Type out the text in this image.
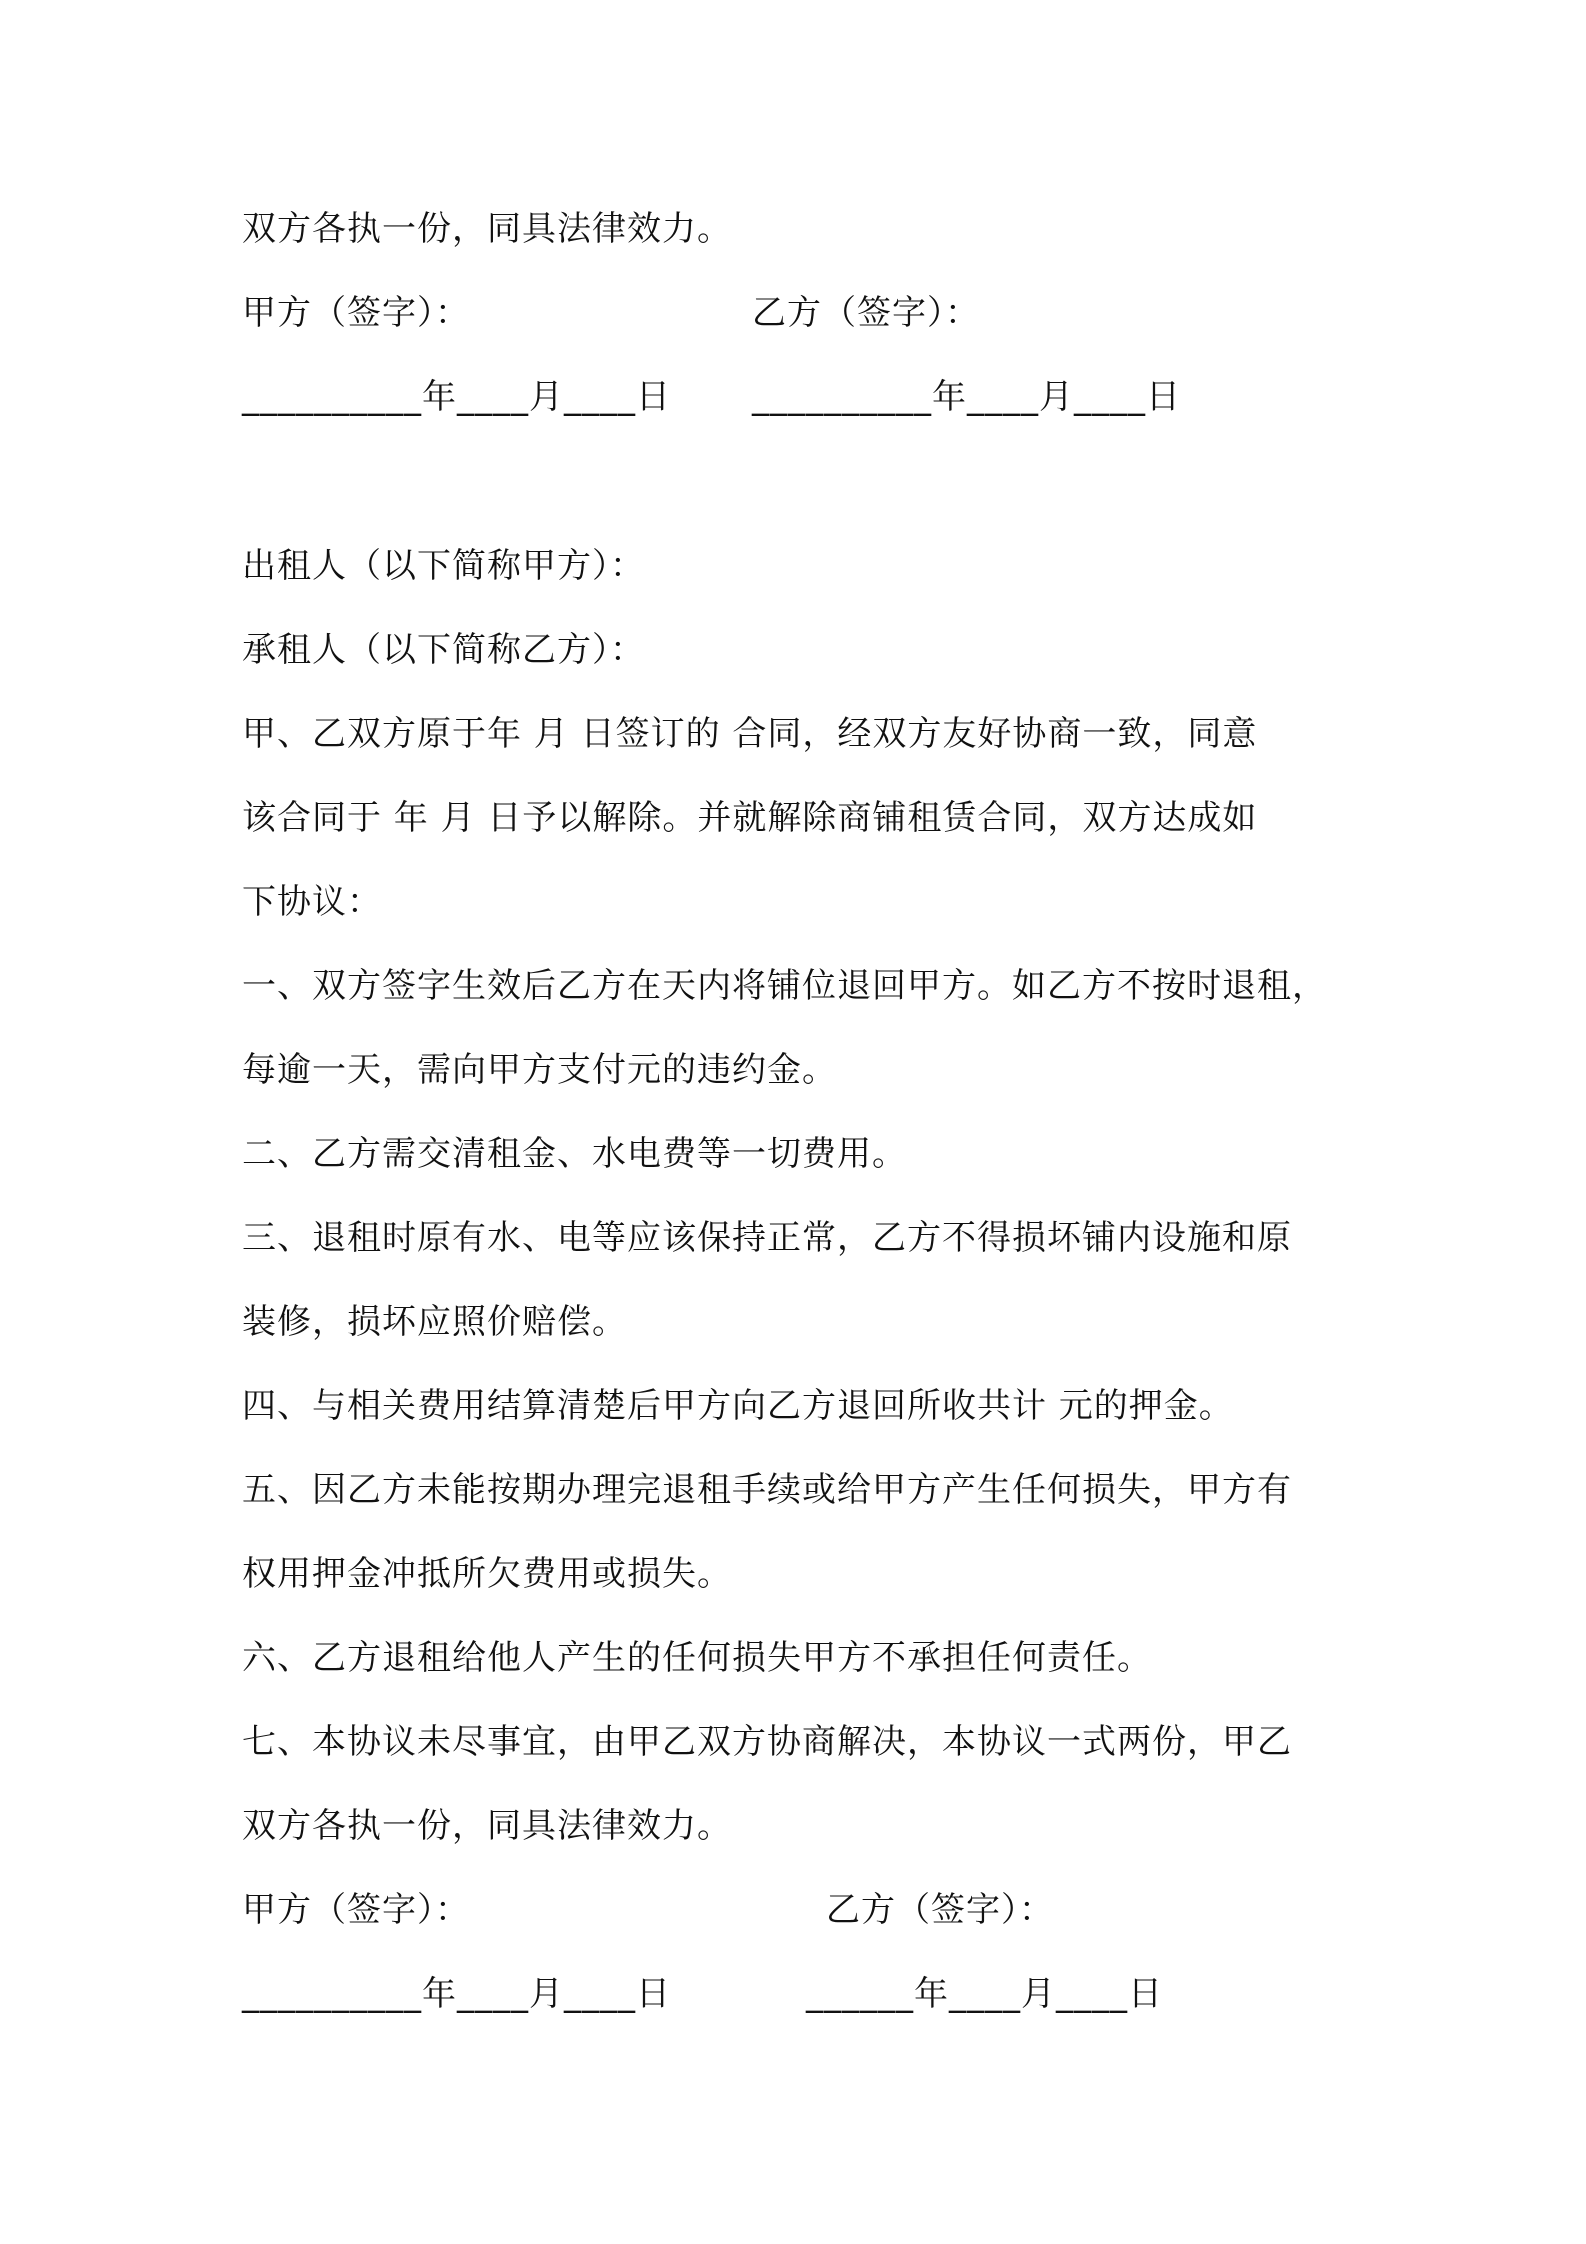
双方各执一份，同具法律效力。
甲方（签字）：	乙方（签字）：
__________年____月____日 __________年____月____日
出租人（以下简称甲方）：
承租人（以下简称乙方）：
甲、乙双方原于年 月 日签订的 合同，经双方友好协商一致，同意
该合同于 年 月 日予以解除。并就解除商铺租赁合同，双方达成如
下协议：
一、双方签字生效后乙方在天内将铺位退回甲方。如乙方不按时退租，
每逾一天，需向甲方支付元的违约金。
二、乙方需交清租金、水电费等一切费用。
三、退租时原有水、电等应该保持正常，乙方不得损坏铺内设施和原
装修，损坏应照价赔偿。
四、与相关费用结算清楚后甲方向乙方退回所收共计 元的押金。
五、因乙方未能按期办理完退租手续或给甲方产生任何损失，甲方有
权用押金冲抵所欠费用或损失。
六、乙方退租给他人产生的任何损失甲方不承担任何责任。
七、本协议未尽事宜，由甲乙双方协商解决，本协议一式两份，甲乙
双方各执一份，同具法律效力。
甲方（签字）：	乙方（签字）：
__________年____月____日	______年____月____日
